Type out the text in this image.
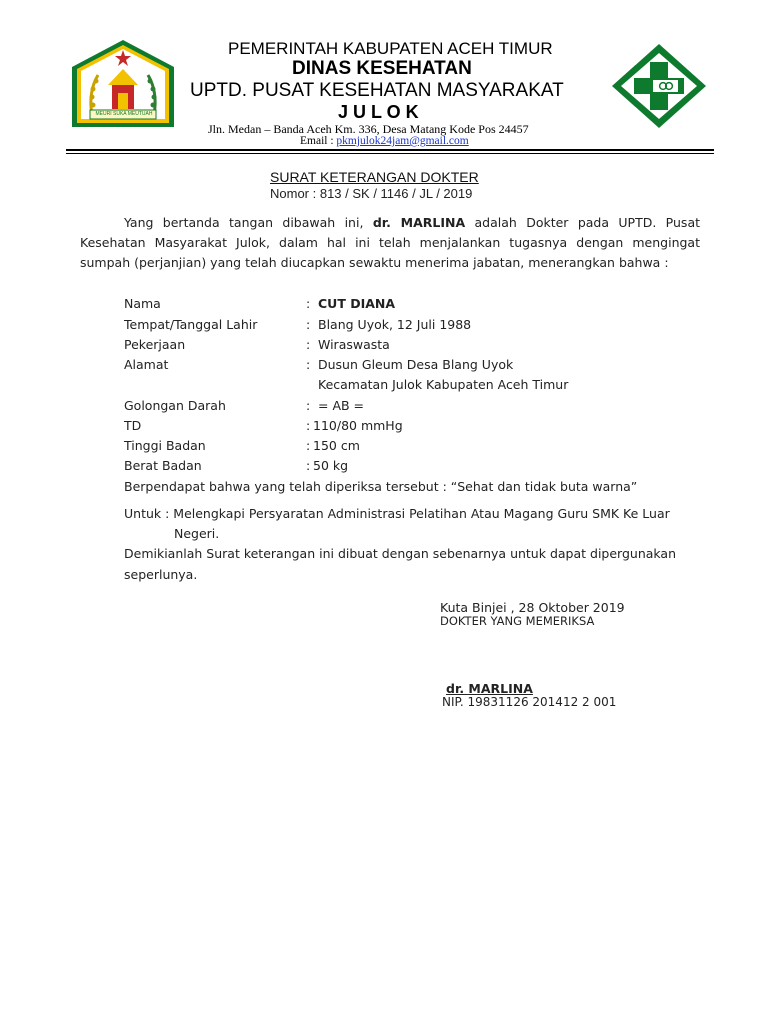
MEURI SUKA MEUTUAH
PEMERINTAH KABUPATEN ACEH TIMUR
DINAS KESEHATAN
UPTD. PUSAT KESEHATAN MASYARAKAT
J U L O K
Jln. Medan – Banda Aceh Km. 336, Desa Matang Kode Pos 24457
Email : pkmjulok24jam@gmail.com
SURAT KETERANGAN DOKTER
Nomor : 813 / SK / 1146 / JL / 2019
Yang bertanda tangan dibawah ini, dr. MARLINA adalah Dokter pada UPTD. Pusat Kesehatan Masyarakat Julok, dalam hal ini telah menjalankan tugasnya dengan mengingat sumpah (perjanjian) yang telah diucapkan sewaktu menerima jabatan, menerangkan bahwa :
Nama	: CUT DIANA
Tempat/Tanggal Lahir	: Blang Uyok, 12 Juli 1988
Pekerjaan	: Wiraswasta
Alamat	: Dusun Gleum Desa Blang Uyok
Kecamatan Julok Kabupaten Aceh Timur
Golongan Darah	: = AB =
TD	: 110/80 mmHg
Tinggi Badan	: 150 cm
Berat Badan	: 50 kg
Berpendapat bahwa yang telah diperiksa tersebut : “Sehat dan tidak buta warna”
Untuk : Melengkapi Persyaratan Administrasi Pelatihan Atau Magang Guru SMK Ke Luar
Negeri.
Demikianlah Surat keterangan ini dibuat dengan sebenarnya untuk dapat dipergunakan
seperlunya.
Kuta Binjei , 28 Oktober 2019
DOKTER YANG MEMERIKSA
dr. MARLINA
NIP. 19831126 201412 2 001
